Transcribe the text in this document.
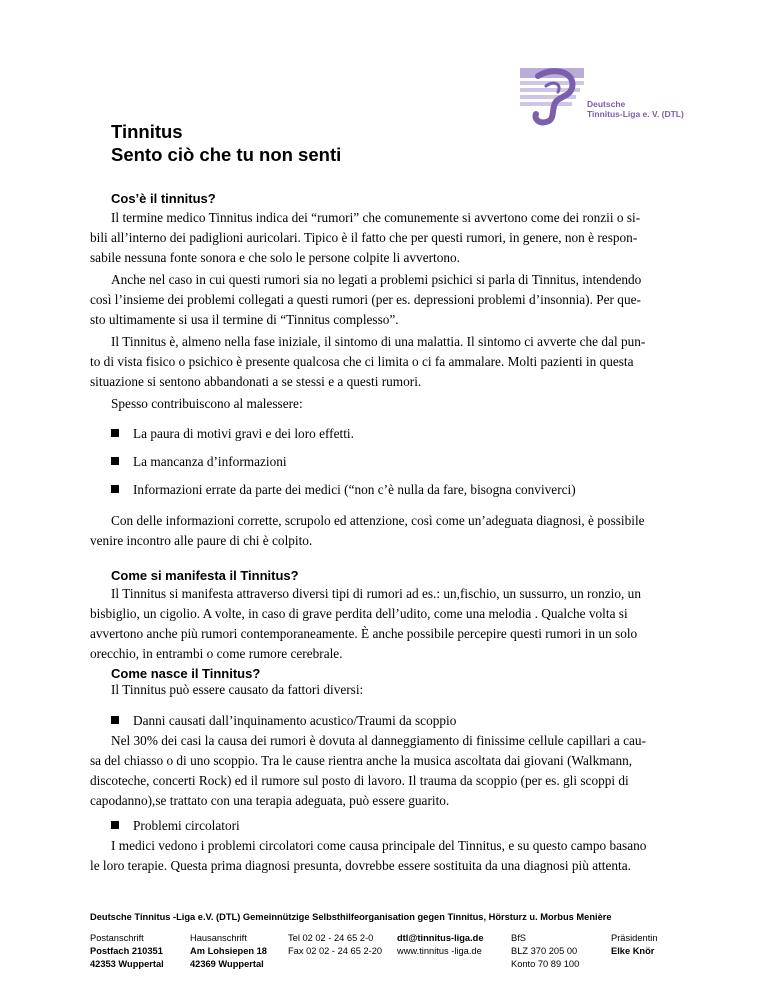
Deutsche
Tinnitus-Liga e. V. (DTL)
Tinnitus
Sento ciò che tu non senti
Cos’è il tinnitus?
Il termine medico Tinnitus indica dei “rumori” che comunemente si avvertono come dei ronzii o si-
bili all’interno dei padiglioni auricolari. Tipico è il fatto che per questi rumori, in genere, non è respon-
sabile nessuna fonte sonora e che solo le persone colpite li avvertono.
Anche nel caso in cui questi rumori sia no legati a problemi psichici si parla di Tinnitus, intendendo
così l’insieme dei problemi collegati a questi rumori (per es. depressioni problemi d’insonnia). Per que-
sto ultimamente si usa il termine di “Tinnitus complesso”.
Il Tinnitus è, almeno nella fase iniziale, il sintomo di una malattia. Il sintomo ci avverte che dal pun-
to di vista fisico o psichico è presente qualcosa che ci limita o ci fa ammalare. Molti pazienti in questa
situazione si sentono abbandonati a se stessi e a questi rumori.
Spesso contribuiscono al malessere:
La paura di motivi gravi e dei loro effetti.
La mancanza d’informazioni
Informazioni errate da parte dei medici (“non c’è nulla da fare, bisogna conviverci)
Con delle informazioni corrette, scrupolo ed attenzione, così come un’adeguata diagnosi, è possibile
venire incontro alle paure di chi è colpito.
Come si manifesta il Tinnitus?
Il Tinnitus si manifesta attraverso diversi tipi di rumori ad es.: un,fischio, un sussurro, un ronzio, un
bisbiglio, un cigolio. A volte, in caso di grave perdita dell’udito, come una melodia . Qualche volta si
avvertono anche più rumori contemporaneamente. È anche possibile percepire questi rumori in un solo
orecchio, in entrambi o come rumore cerebrale.
Come nasce il Tinnitus?
Il Tinnitus può essere causato da fattori diversi:
Danni causati dall’inquinamento acustico/Traumi da scoppio
Nel 30% dei casi la causa dei rumori è dovuta al danneggiamento di finissime cellule capillari a cau-
sa del chiasso o di uno scoppio. Tra le cause rientra anche la musica ascoltata dai giovani (Walkmann,
discoteche, concerti Rock) ed il rumore sul posto di lavoro. Il trauma da scoppio (per es. gli scoppi di
capodanno),se trattato con una terapia adeguata, può essere guarito.
Problemi circolatori
I medici vedono i problemi circolatori come causa principale del Tinnitus, e su questo campo basano
le loro terapie. Questa prima diagnosi presunta, dovrebbe essere sostituita da una diagnosi più attenta.
Deutsche Tinnitus -Liga e.V. (DTL) Gemeinnützige Selbsthilfeorganisation gegen Tinnitus, Hörsturz u. Morbus Menière
Postanschrift
Postfach 210351
42353 Wuppertal
Hausanschrift
Am Lohsiepen 18
42369 Wuppertal
Tel 02 02 - 24 65 2-0
Fax 02 02 - 24 65 2-20
dtl@tinnitus-liga.de
www.tinnitus -liga.de
BfS
BLZ 370 205 00
Konto 70 89 100
Präsidentin
Elke Knör
